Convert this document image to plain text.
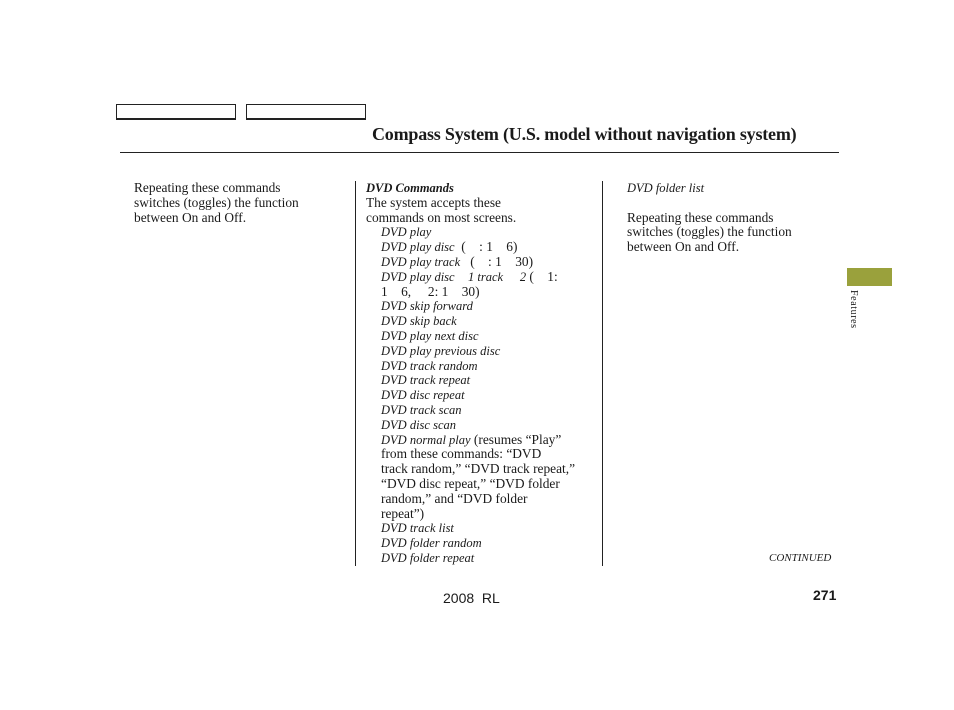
Compass System (U.S. model without navigation system)
Repeating these commands
switches (toggles) the function
between On and Off.
DVD Commands
The system accepts these
commands on most screens.
DVD play
DVD play disc  (    : 1    6)
DVD play track   (    : 1    30)
DVD play disc 1 track 2 (    1:
1    6,     2: 1    30)
DVD skip forward
DVD skip back
DVD play next disc
DVD play previous disc
DVD track random
DVD track repeat
DVD disc repeat
DVD track scan
DVD disc scan
DVD normal play (resumes “Play”
from these commands: “DVD
track random,” “DVD track repeat,”
“DVD disc repeat,” “DVD folder
random,” and “DVD folder
repeat”)
DVD track list
DVD folder random
DVD folder repeat
DVD folder list
Repeating these commands
switches (toggles) the function
between On and Off.
Features
CONTINUED
2008  RL	271
